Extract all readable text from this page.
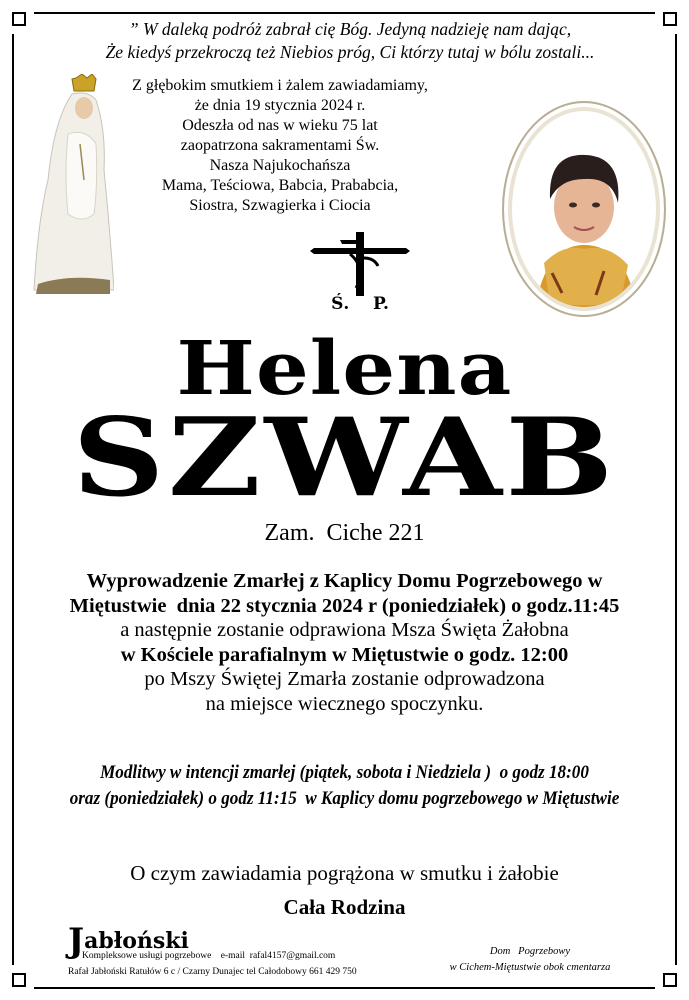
” W daleką podróż zabrał cię Bóg. Jedyną nadzieję nam dając,
Że kiedyś przekroczą też Niebios próg, Ci którzy tutaj w bólu zostali...
Z głębokim smutkiem i żalem zawiadamiamy,
że dnia 19 stycznia 2024 r.
Odeszła od nas w wieku 75 lat
zaopatrzona sakramentami Św.
Nasza Najukochańsza
Mama, Teściowa, Babcia, Prababcia,
Siostra, Szwagierka i Ciocia
Ś.    P.
Helena
SZWAB
Zam.  Ciche 221
Wyprowadzenie Zmarłej z Kaplicy Domu Pogrzebowego w
Miętustwie  dnia 22 stycznia 2024 r (poniedziałek) o godz.11:45
a następnie zostanie odprawiona Msza Święta Żałobna
w Kościele parafialnym w Miętustwie o godz. 12:00
po Mszy Świętej Zmarła zostanie odprowadzona
na miejsce wiecznego spoczynku.
Modlitwy w intencji zmarłej (piątek, sobota i Niedziela )  o godz 18:00
oraz (poniedziałek) o godz 11:15  w Kaplicy domu pogrzebowego w Miętustwie
O czym zawiadamia pogrążona w smutku i żałobie
Cała Rodzina
Jabłoński
Kompleksowe usługi pogrzebowe e-mail  rafal4157@gmail.com
Rafał Jabłoński Ratułów 6 c / Czarny Dunajec tel Całodobowy 661 429 750
Dom   Pogrzebowy
w Cichem-Miętustwie obok cmentarza
